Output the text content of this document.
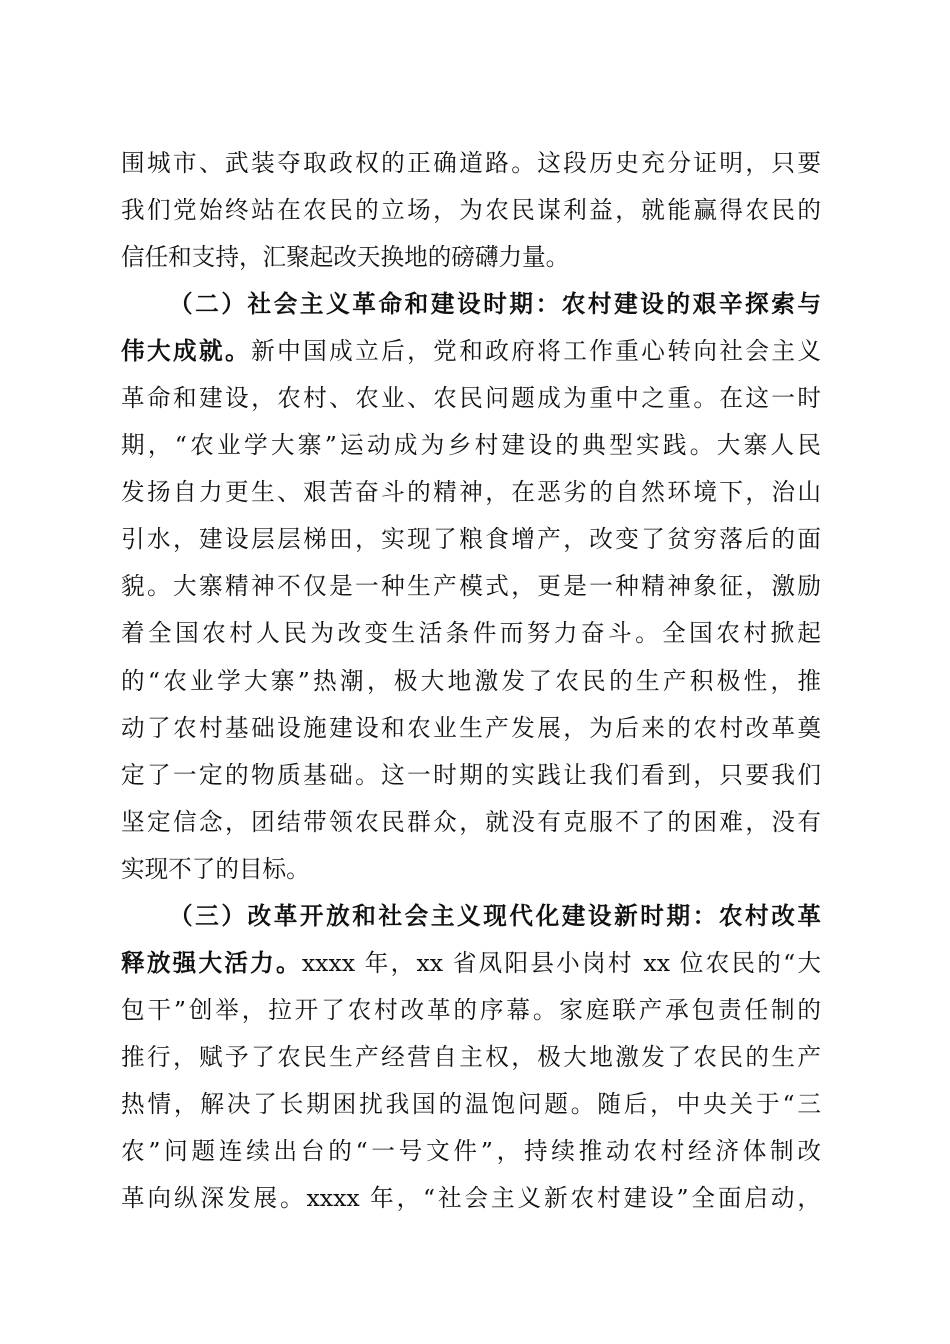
围城市、武装夺取政权的正确道路。这段历史充分证明，只要
我们党始终站在农民的立场，为农民谋利益，就能赢得农民的
信任和支持，汇聚起改天换地的磅礴力量。
（二）社会主义革命和建设时期：农村建设的艰辛探索与
伟大成就。新中国成立后，党和政府将工作重心转向社会主义
革命和建设，农村、农业、农民问题成为重中之重。在这一时
期，“农业学大寨”运动成为乡村建设的典型实践。大寨人民
发扬自力更生、艰苦奋斗的精神，在恶劣的自然环境下，治山
引水，建设层层梯田，实现了粮食增产，改变了贫穷落后的面
貌。大寨精神不仅是一种生产模式，更是一种精神象征，激励
着全国农村人民为改变生活条件而努力奋斗。全国农村掀起
的“农业学大寨”热潮，极大地激发了农民的生产积极性，推
动了农村基础设施建设和农业生产发展，为后来的农村改革奠
定了一定的物质基础。这一时期的实践让我们看到，只要我们
坚定信念，团结带领农民群众，就没有克服不了的困难，没有
实现不了的目标。
（三）改革开放和社会主义现代化建设新时期：农村改革
释放强大活力。xxxx 年，xx 省凤阳县小岗村 xx 位农民的“大
包干”创举，拉开了农村改革的序幕。家庭联产承包责任制的
推行，赋予了农民生产经营自主权，极大地激发了农民的生产
热情，解决了长期困扰我国的温饱问题。随后，中央关于“三
农”问题连续出台的“一号文件”，持续推动农村经济体制改
革向纵深发展。xxxx 年，“社会主义新农村建设”全面启动，
